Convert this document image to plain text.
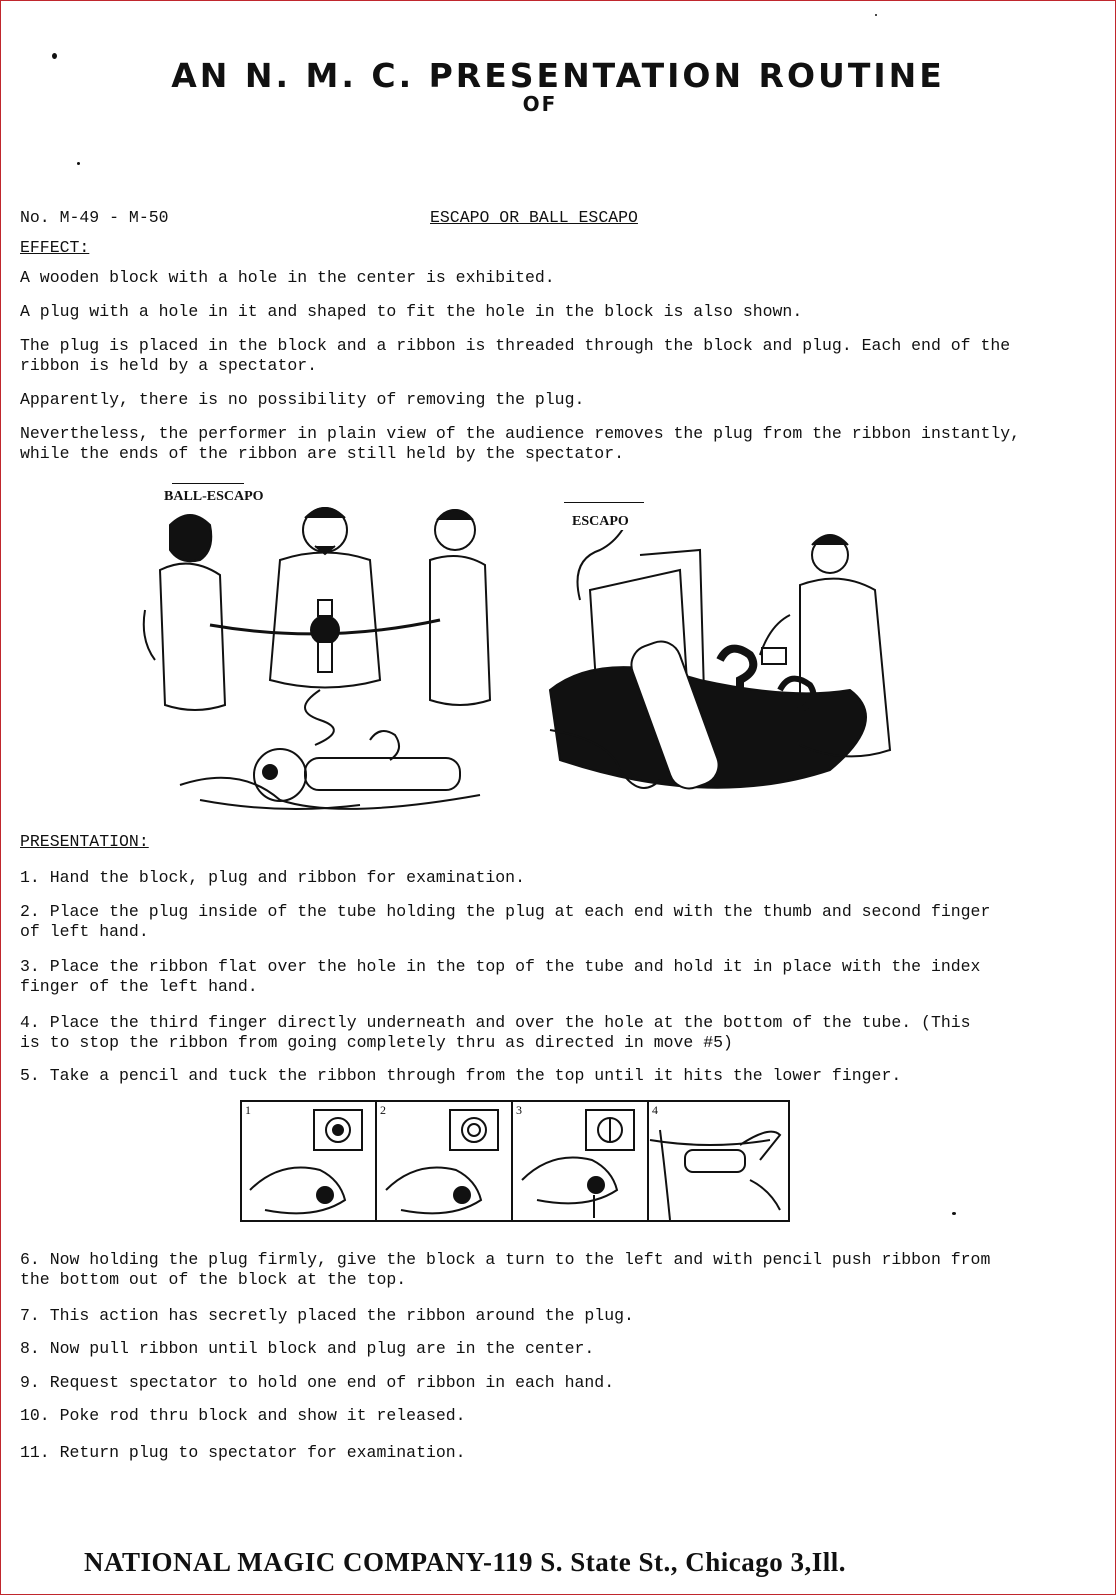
AN N. M. C. PRESENTATION ROUTINE
OF
No. M-49 - M-50	ESCAPO OR BALL ESCAPO
EFFECT:
A wooden block with a hole in the center is exhibited.
A plug with a hole in it and shaped to fit the hole in the block is also shown.
The plug is placed in the block and a ribbon is threaded through the block and plug. Each end of the
ribbon is held by a spectator.
Apparently, there is no possibility of removing the plug.
Nevertheless, the performer in plain view of the audience removes the plug from the ribbon instantly,
while the ends of the ribbon are still held by the spectator.
BALL-ESCAPO
ESCAPO
PRESENTATION:
1. Hand the block, plug and ribbon for examination.
2. Place the plug inside of the tube holding the plug at each end with the thumb and second finger
of left hand.
3. Place the ribbon flat over the hole in the top of the tube and hold it in place with the index
finger of the left hand.
4. Place the third finger directly underneath and over the hole at the bottom of the tube. (This
is to stop the ribbon from going completely thru as directed in move #5)
5. Take a pencil and tuck the ribbon through from the top until it hits the lower finger.
1	2	3	4
6. Now holding the plug firmly, give the block a turn to the left and with pencil push ribbon from
the bottom out of the block at the top.
7. This action has secretly placed the ribbon around the plug.
8. Now pull ribbon until block and plug are in the center.
9. Request spectator to hold one end of ribbon in each hand.
10. Poke rod thru block and show it released.
11. Return plug to spectator for examination.
NATIONAL MAGIC COMPANY-119 S. State St., Chicago 3,Ill.
